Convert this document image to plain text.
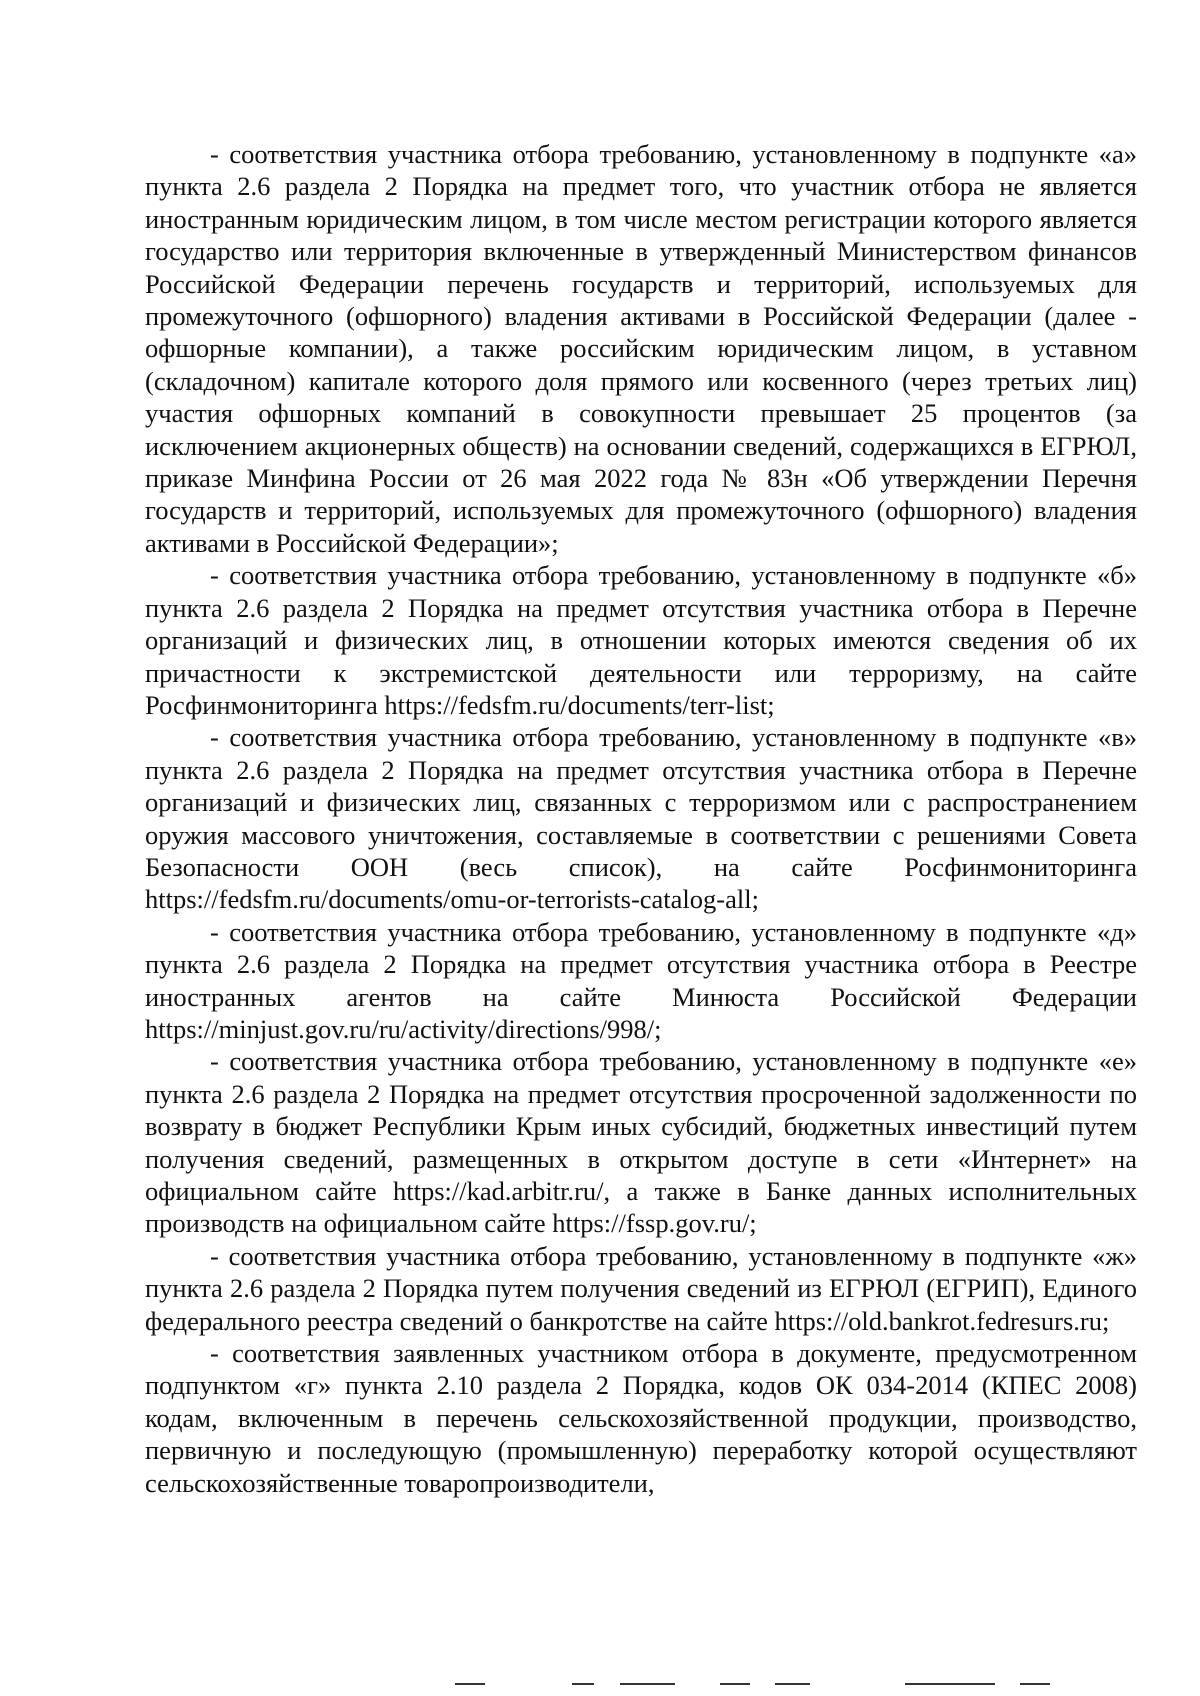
- соответствия участника отбора требованию, установленному в подпункте «а» пункта 2.6 раздела 2 Порядка на предмет того, что участник отбора не является иностранным юридическим лицом, в том числе местом регистрации которого является государство или территория включенные в утвержденный Министерством финансов Российской Федерации перечень государств и территорий, используемых для промежуточного (офшорного) владения активами в Российской Федерации (далее - офшорные компании), а также российским юридическим лицом, в уставном (складочном) капитале которого доля прямого или косвенного (через третьих лиц) участия офшорных компаний в совокупности превышает 25 процентов (за исключением акционерных обществ) на основании сведений, содержащихся в ЕГРЮЛ, приказе Минфина России от 26 мая 2022 года № 83н «Об утверждении Перечня государств и территорий, используемых для промежуточного (офшорного) владения активами в Российской Федерации»;

- соответствия участника отбора требованию, установленному в подпункте «б» пункта 2.6 раздела 2 Порядка на предмет отсутствия участника отбора в Перечне организаций и физических лиц, в отношении которых имеются сведения об их причастности к экстремистской деятельности или терроризму, на сайте Росфинмониторинга https://fedsfm.ru/documents/terr-list;

- соответствия участника отбора требованию, установленному в подпункте «в» пункта 2.6 раздела 2 Порядка на предмет отсутствия участника отбора в Перечне организаций и физических лиц, связанных с терроризмом или с распространением оружия массового уничтожения, составляемые в соответствии с решениями Совета Безопасности ООН (весь список), на сайте Росфинмониторинга https://fedsfm.ru/documents/omu-or-terrorists-catalog-all;

- соответствия участника отбора требованию, установленному в подпункте «д» пункта 2.6 раздела 2 Порядка на предмет отсутствия участника отбора в Реестре иностранных агентов на сайте Минюста Российской Федерации https://minjust.gov.ru/ru/activity/directions/998/;

- соответствия участника отбора требованию, установленному в подпункте «е» пункта 2.6 раздела 2 Порядка на предмет отсутствия просроченной задолженности по возврату в бюджет Республики Крым иных субсидий, бюджетных инвестиций путем получения сведений, размещенных в открытом доступе в сети «Интернет» на официальном сайте https://kad.arbitr.ru/, а также в Банке данных исполнительных производств на официальном сайте https://fssp.gov.ru/;

- соответствия участника отбора требованию, установленному в подпункте «ж» пункта 2.6 раздела 2 Порядка путем получения сведений из ЕГРЮЛ (ЕГРИП), Единого федерального реестра сведений о банкротстве на сайте https://old.bankrot.fedresurs.ru;

- соответствия заявленных участником отбора в документе, предусмотренном подпунктом «г» пункта 2.10 раздела 2 Порядка, кодов ОК 034-2014 (КПЕС 2008) кодам, включенным в перечень сельскохозяйственной продукции, производство, первичную и последующую (промышленную) переработку которой осуществляют сельскохозяйственные товаропроизводители,
